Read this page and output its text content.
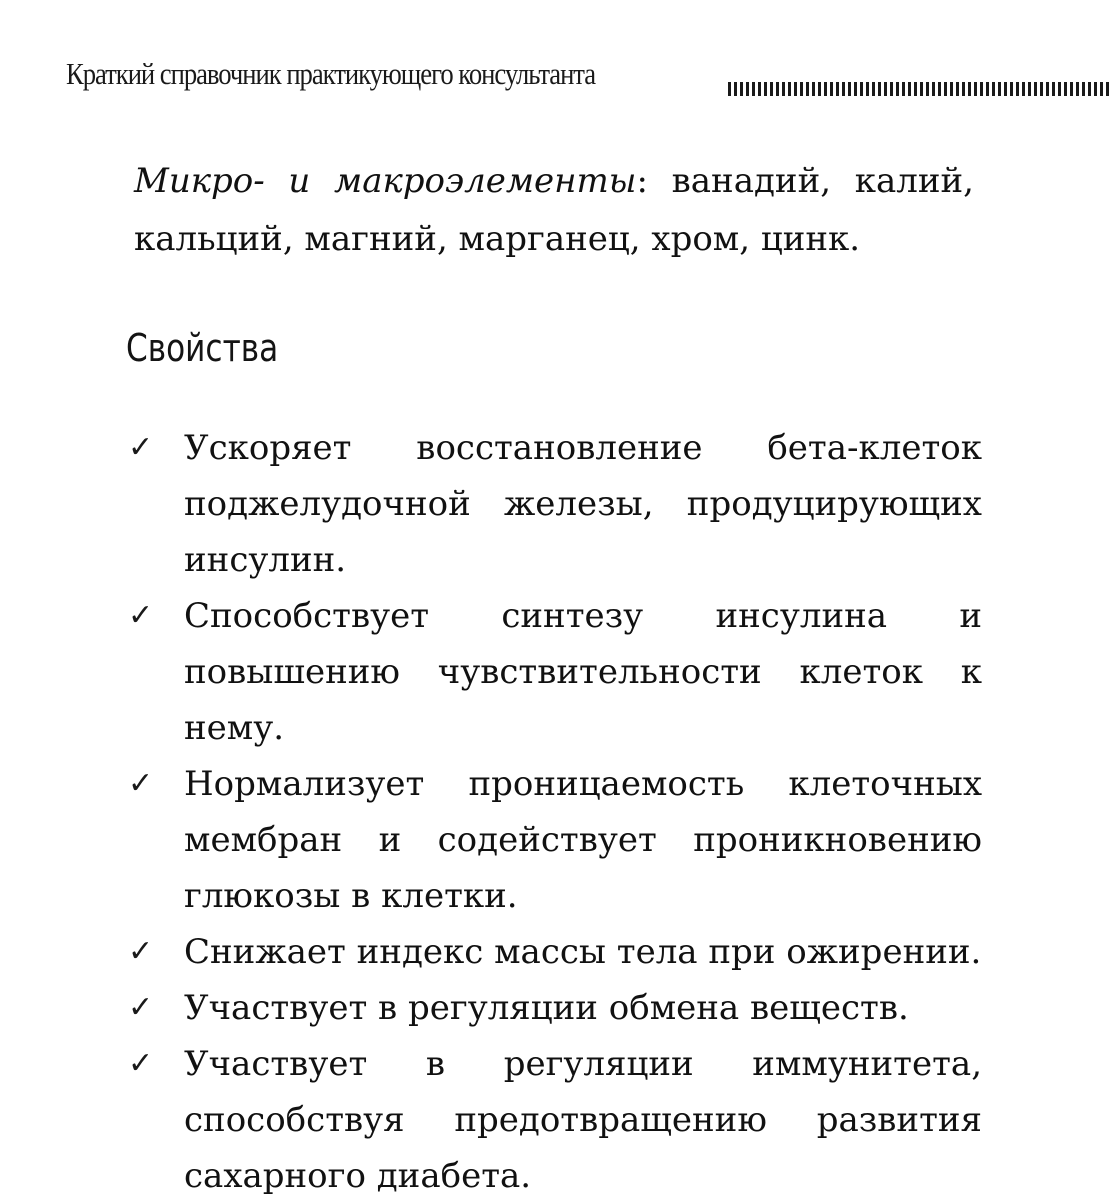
Краткий справочник практикующего консультанта
Микро- и макроэлементы: ванадий, калий, кальций, магний, марганец, хром, цинк.
Свойства
✓ Ускоряет восстановление бета-клеток поджелудочной железы, продуцирующих инсулин.
✓ Способствует синтезу инсулина и повышению чувствительности клеток к нему.
✓ Нормализует проницаемость клеточных мембран и содействует проникновению глюкозы в клетки.
✓ Снижает индекс массы тела при ожирении.
✓ Участвует в регуляции обмена веществ.
✓ Участвует в регуляции иммунитета, способствуя предотвращению развития сахарного диабета.
